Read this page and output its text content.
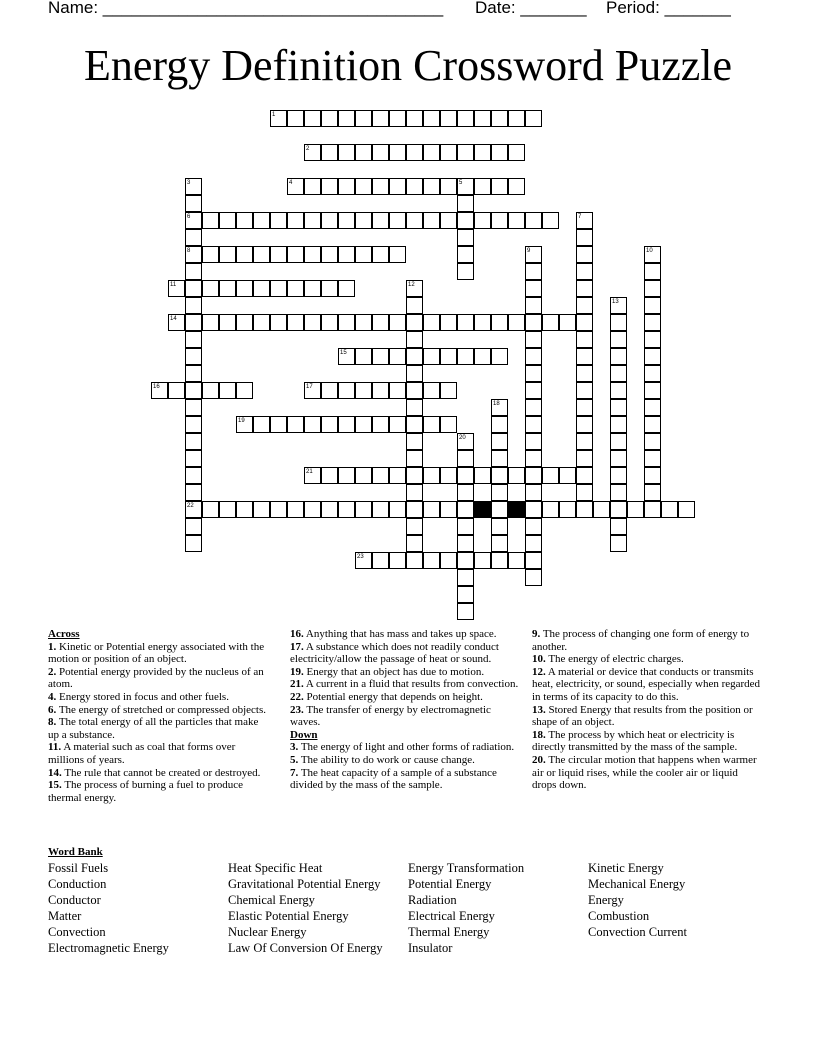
Name: ____________________________________ Date: _______ Period: _______
Energy Definition Crossword Puzzle
1
2
4	5
6
8
11
14
15
16	17
19
21
22
23
3
7
9	10
12
13
18
20
Across
1. Kinetic or Potential energy associated with the motion or position of an object.
2. Potential energy provided by the nucleus of an atom.
4. Energy stored in focus and other fuels.
6. The energy of stretched or compressed objects.
8. The total energy of all the particles that make up a substance.
11. A material such as coal that forms over millions of years.
14. The rule that cannot be created or destroyed.
15. The process of burning a fuel to produce thermal energy.
16. Anything that has mass and takes up space.
17. A substance which does not readily conduct electricity/allow the passage of heat or sound.
19. Energy that an object has due to motion.
21. A current in a fluid that results from convection.
22. Potential energy that depends on height.
23. The transfer of energy by electromagnetic waves.
Down
3. The energy of light and other forms of radiation.
5. The ability to do work or cause change.
7. The heat capacity of a sample of a substance divided by the mass of the sample.
9. The process of changing one form of energy to another.
10. The energy of electric charges.
12. A material or device that conducts or transmits heat, electricity, or sound, especially when regarded in terms of its capacity to do this.
13. Stored Energy that results from the position or shape of an object.
18. The process by which heat or electricity is directly transmitted by the mass of the sample.
20. The circular motion that happens when warmer air or liquid rises, while the cooler air or liquid drops down.
Word Bank
Fossil Fuels
Conduction
Conductor
Matter
Convection
Electromagnetic Energy
Heat Specific Heat
Gravitational Potential Energy
Chemical Energy
Elastic Potential Energy
Nuclear Energy
Law Of Conversion Of Energy
Energy Transformation
Potential Energy
Radiation
Electrical Energy
Thermal Energy
Insulator
Kinetic Energy
Mechanical Energy
Energy
Combustion
Convection Current
